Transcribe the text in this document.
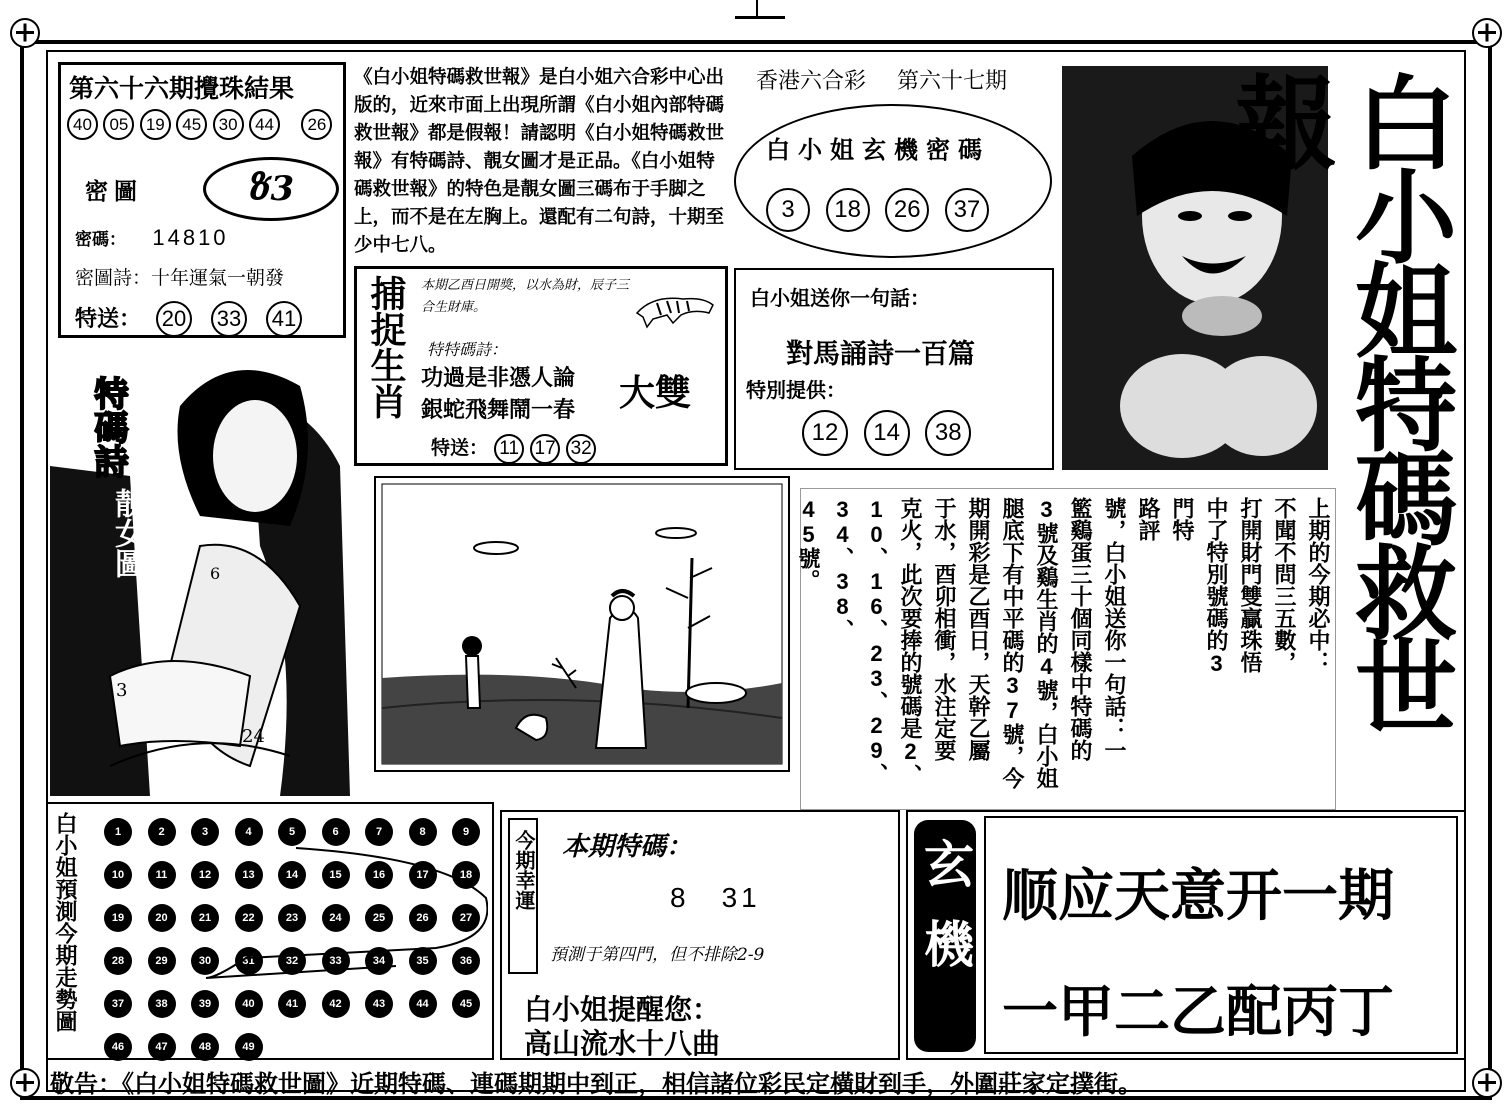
第六十六期攪珠結果
40 05 19 45 30 44 26
密圖	ზ3
密碼： 14810
密圖詩：十年運氣一朝發
特送： 20 33 41
《白小姐特碼救世報》是白小姐六合彩中心出版的，近來市面上出現所謂《白小姐內部特碼救世報》都是假報！請認明《白小姐特碼救世報》有特碼詩、靚女圖才是正品。《白小姐特碼救世報》的特色是靚女圖三碼布于手脚之上，而不是在左胸上。還配有二句詩，十期至少中七八。
香港六合彩 第六十七期
白小姐玄機密碼
3 18 26 37	白小姐特碼救世報
捕捉生肖 本期乙酉日開獎，以水為財，辰子三合生財庫。
特特碼詩：
功過是非憑人論
銀蛇飛舞鬧一春 大雙
特送： 11 17 32
白小姐送你一句話：
對馬誦詩一百篇
特別提供：
12 14 38
特碼詩
靚女圖	6
3
24
上期的今期必中：
不聞不問三五數，
打開財門雙贏珠悟
中了特別號碼的3
門特
路評
號，白小姐送你一句話：一
籃鷄蛋三十個同樣中特碼的
3號及鷄生肖的4號，白小姐
腿底下有中平碼的37號，今
期開彩是乙酉日，天幹乙屬
于水，酉卯相衝，水注定要
克火，此次要捧的號碼是2、
10、16、23、29、34、38、
45號。
白小姐預測今期走勢圖	1	2	3	4	5	6	7	8	9
10	11	12	13	14	15	16	17	18
19	20	21	22	23	24	25	26	27
28	29	30	31	32	33	34	35	36
37	38	39	40	41	42	43	44	45
46	47	48	49
今期幸運 本期特碼：
8　31
預測于第四門，但不排除2-9
白小姐提醒您：
高山流水十八曲
玄機 顺应天意开一期
一甲二乙配丙丁
敬告：《白小姐特碼救世圖》近期特碼、連碼期期中到正，相信諸位彩民定橫財到手，外圍莊家定撲街。
